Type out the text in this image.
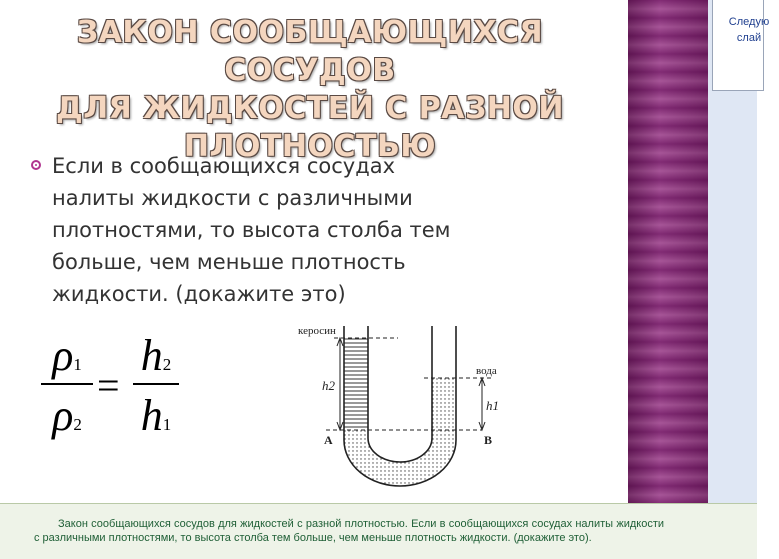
ЗАКОН СООБЩАЮЩИХСЯ СОСУДОВ
ДЛЯ ЖИДКОСТЕЙ С РАЗНОЙ
ПЛОТНОСТЬЮ
Если в сообщающихся сосудах
налиты жидкости с различными
плотностями, то высота столба тем
больше, чем меньше плотность
жидкости. (докажите это)
ρ1
ρ2
=
h2
h1
керосин
вода
h2
h1
A	B
Следую
слай
Закон сообщающихся сосудов для жидкостей с разной плотностью. Если в сообщающихся сосудах налиты жидкости с различными плотностями, то высота столба тем больше, чем меньше плотность жидкости. (докажите это).
